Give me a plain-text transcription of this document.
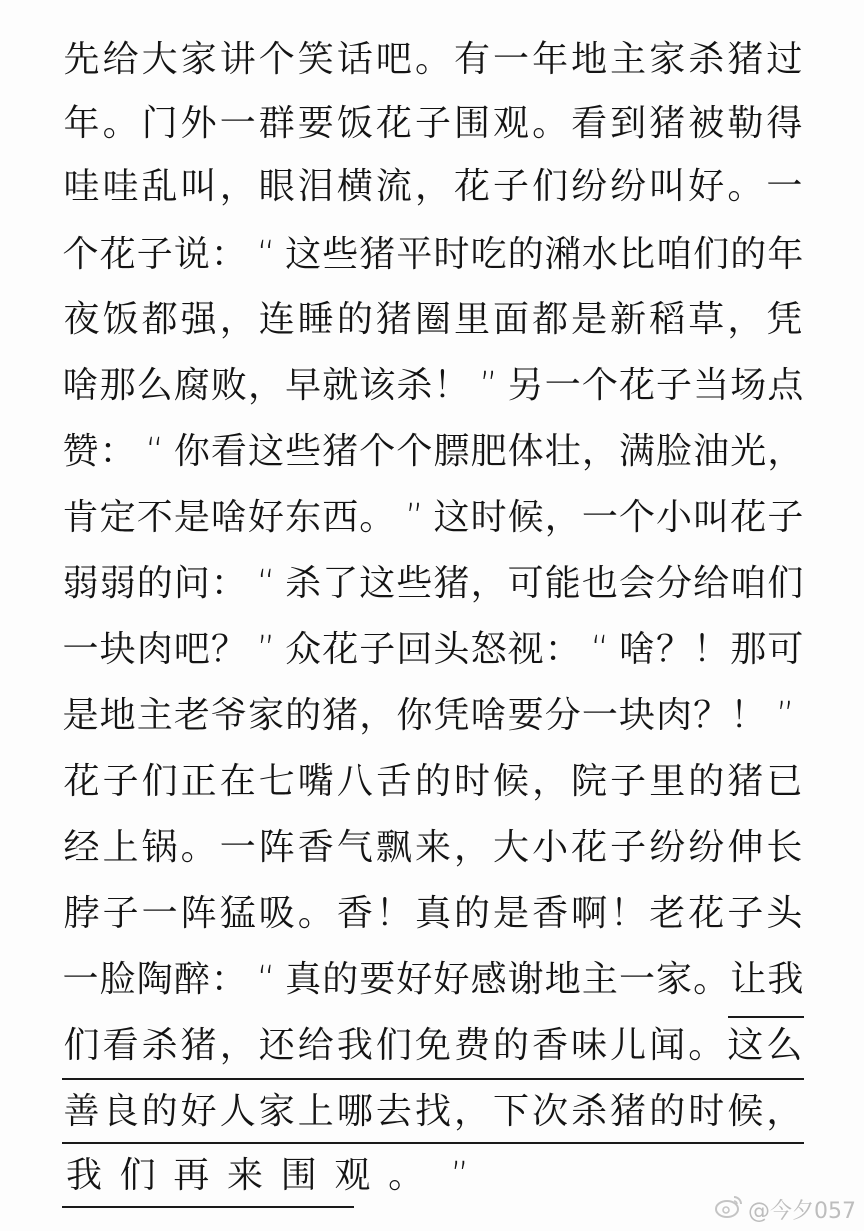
先 给 大 家 讲 个 笑 话 吧 。 有 一 年 地 主 家 杀 猪 过
年 。 门 外 一 群 要 饭 花 子 围 观 。 看 到 猪 被 勒 得
哇 哇 乱 叫 ， 眼 泪 横 流 ， 花 子 们 纷 纷 叫 好 。 一
个 花 子 说 ： “ 这 些 猪 平 时 吃 的 潲 水 比 咱 们 的 年
夜 饭 都 强 ， 连 睡 的 猪 圈 里 面 都 是 新 稻 草 ， 凭
啥 那 么 腐 败 ， 早 就 该 杀 ！ ” 另 一 个 花 子 当 场 点
赞 ： “ 你 看 这 些 猪 个 个 膘 肥 体 壮 ， 满 脸 油 光 ，
肯 定 不 是 啥 好 东 西 。 ” 这 时 候 ， 一 个 小 叫 花 子
弱 弱 的 问 ： “ 杀 了 这 些 猪 ， 可 能 也 会 分 给 咱 们
一 块 肉 吧 ？ ” 众 花 子 回 头 怒 视 ： “ 啥 ？ ！ 那 可
是 地 主 老 爷 家 的 猪 ， 你 凭 啥 要 分 一 块 肉 ？ ！ ”
花 子 们 正 在 七 嘴 八 舌 的 时 候 ， 院 子 里 的 猪 已
经 上 锅 。 一 阵 香 气 飘 来 ， 大 小 花 子 纷 纷 伸 长
脖 子 一 阵 猛 吸 。 香 ！ 真 的 是 香 啊 ！ 老 花 子 头
一 脸 陶 醉 ： “ 真 的 要 好 好 感 谢 地 主 一 家 。 让 我
们 看 杀 猪 ， 还 给 我 们 免 费 的 香 味 儿 闻 。 这 么
善 良 的 好 人 家 上 哪 去 找 ， 下 次 杀 猪 的 时 候 ，
我 们 再 来 围 观 。 ”
@今夕057
